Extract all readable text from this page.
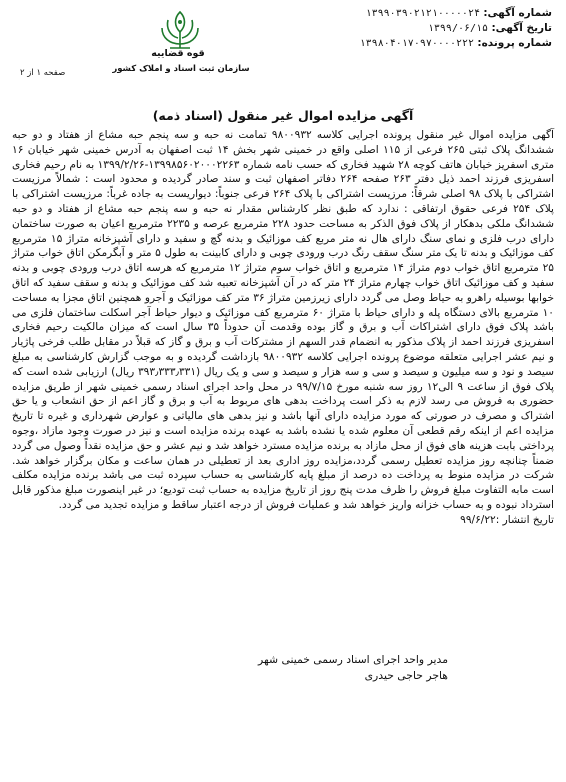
شماره آگهی: ۱۳۹۹۰۳۹۰۲۱۲۱۰۰۰۰۰۲۴
تاریخ آگهی: ۱۳۹۹/۰۶/۱۵
شماره پرونده: ۱۳۹۸۰۴۰۱۷۰۹۷۰۰۰۰۲۲۲
قوه قضاییه
سازمان ثبت اسناد و املاک کشور
صفحه ۱ از ۲
آگهی مزایده اموال غیر منقول (اسناد ذمه)

آگهی مزایده اموال غیر منقول پرونده اجرایی کلاسه ۹۸۰۰۹۳۲ تمامت نه حبه و سه پنجم حبه مشاع از هفتاد و دو حبه ششدانگ پلاک ثبتی ۲۶۵ فرعی از ۱۱۵ اصلی واقع در خمینی شهر بخش ۱۴ ثبت اصفهان به آدرس خمینی شهر خیابان ۱۶ متری اسفریز خیابان هاتف کوچه ۲۸ شهید فخاری که حسب نامه شماره ۱۳۹۹۸۵۶۰۲۰۰۰۲۲۶۳-۱۳۹۹/۲/۲۶ به نام رحیم فخاری اسفریزی فرزند احمد ذیل دفتر ۲۶۳ صفحه ۲۶۴ دفاتر اصفهان ثبت و سند صادر گردیده و محدود است : شمالاً مرزیست اشتراکی با پلاک ۹۸ اصلی شرقاً: مرزیست اشتراکی با پلاک ۲۶۴ فرعی جنوباً: دیواریست به جاده غرباً: مرزیست اشتراکی با پلاک ۲۵۴ فرعی حقوق ارتفاقی : ندارد که طبق نظر کارشناس مقدار نه حبه و سه پنجم حبه مشاع از هفتاد و دو حبه ششدانگ ملکی بدهکار از پلاک فوق الذکر به مساحت حدود ۲۲۸ مترمربع عرصه و ۲۲۳۵ مترمربع اعیان به صورت ساختمان دارای درب فلزی و نمای سنگ دارای هال نه متر مربع کف موزائیک و بدنه گچ و سفید و دارای آشپزخانه متراژ ۱۵ مترمربع کف موزائیک و بدنه تا یک متر سنگ سقف رنگ درب ورودی چوبی و دارای کابینت به طول ۵ متر و آبگرمکن اتاق خواب متراژ ۲۵ مترمربع اتاق خواب دوم متراژ ۱۴ مترمربع و اتاق خواب سوم متراژ ۱۲ مترمربع که هرسه اتاق درب ورودی چوبی و بدنه سفید و کف موزائیک اتاق خواب چهارم متراژ ۲۴ متر که در آن آشپزخانه تعبیه شد کف موزائیک و بدنه و سقف سفید که اتاق خوابها بوسیله راهرو به حیاط وصل می گردد دارای زیرزمین متراژ ۳۶ متر کف موزائیک و آجرو همچنین اتاق مجزا به مساحت ۱۰ مترمربع بالای دستگاه پله و دارای حیاط با متراژ ۶۰ مترمربع کف موزائیک و دیوار حیاط آجر اسکلت ساختمان فلزی می باشد پلاک فوق دارای اشتراکات آب و برق و گاز بوده وقدمت آن حدوداً ۳۵ سال است که میزان مالکیت رحیم فخاری اسفریزی فرزند احمد از پلاک مذکور به انضمام قدر السهم از مشترکات آب و برق و گاز که قبلاً در مقابل طلب فرخی پاژیار و نیم عشر اجرایی متعلقه موضوع پرونده اجرایی کلاسه ۹۸۰۰۹۳۲ بازداشت گردیده و به موجب گزارش کارشناسی به مبلغ سیصد و نود و سه میلیون و سیصد و سی و سه هزار و سیصد و سی و یک ریال (۳۹۳٫۳۳۳٫۳۳۱ ریال) ارزیابی شده است که پلاک فوق از ساعت ۹ الی۱۲ روز سه شنبه مورخ ۹۹/۷/۱۵ در محل واحد اجرای اسناد رسمی خمینی شهر از طریق مزایده حضوری به فروش می رسد لازم به ذکر است پرداخت بدهی های مربوط به آب و برق و گاز اعم از حق انشعاب و یا حق اشتراک و مصرف در صورتی که مورد مزایده دارای آنها باشد و نیز بدهی های مالیاتی و عوارض شهرداری و غیره تا تاریخ مزایده اعم از اینکه رقم قطعی آن معلوم شده یا نشده باشد به عهده برنده مزایده است و نیز در صورت وجود مازاد ،وجوه پرداختی بابت هزینه های فوق از محل مازاد به برنده مزایده مسترد خواهد شد و نیم عشر و حق مزایده نقداً وصول می گردد ضمناً چنانچه روز مزایده تعطیل رسمی گردد،مزایده روز اداری بعد از تعطیلی در همان ساعت و مکان برگزار خواهد شد. شرکت در مزایده منوط به پرداخت ده درصد از مبلغ پایه کارشناسی به حساب سپرده ثبت می باشد برنده مزایده مکلف است مابه التفاوت مبلغ فروش را ظرف مدت پنج روز از تاریخ مزایده به حساب ثبت تودیع؛ در غیر اینصورت مبلغ مذکور قابل استرداد نبوده و به حساب خزانه واریز خواهد شد و عملیات فروش از درجه اعتبار ساقط و مزایده تجدید می گردد.

تاریخ انتشار :۹۹/۶/۲۲

مدیر واحد اجرای اسناد رسمی خمینی شهر
هاجر حاجی حیدری
